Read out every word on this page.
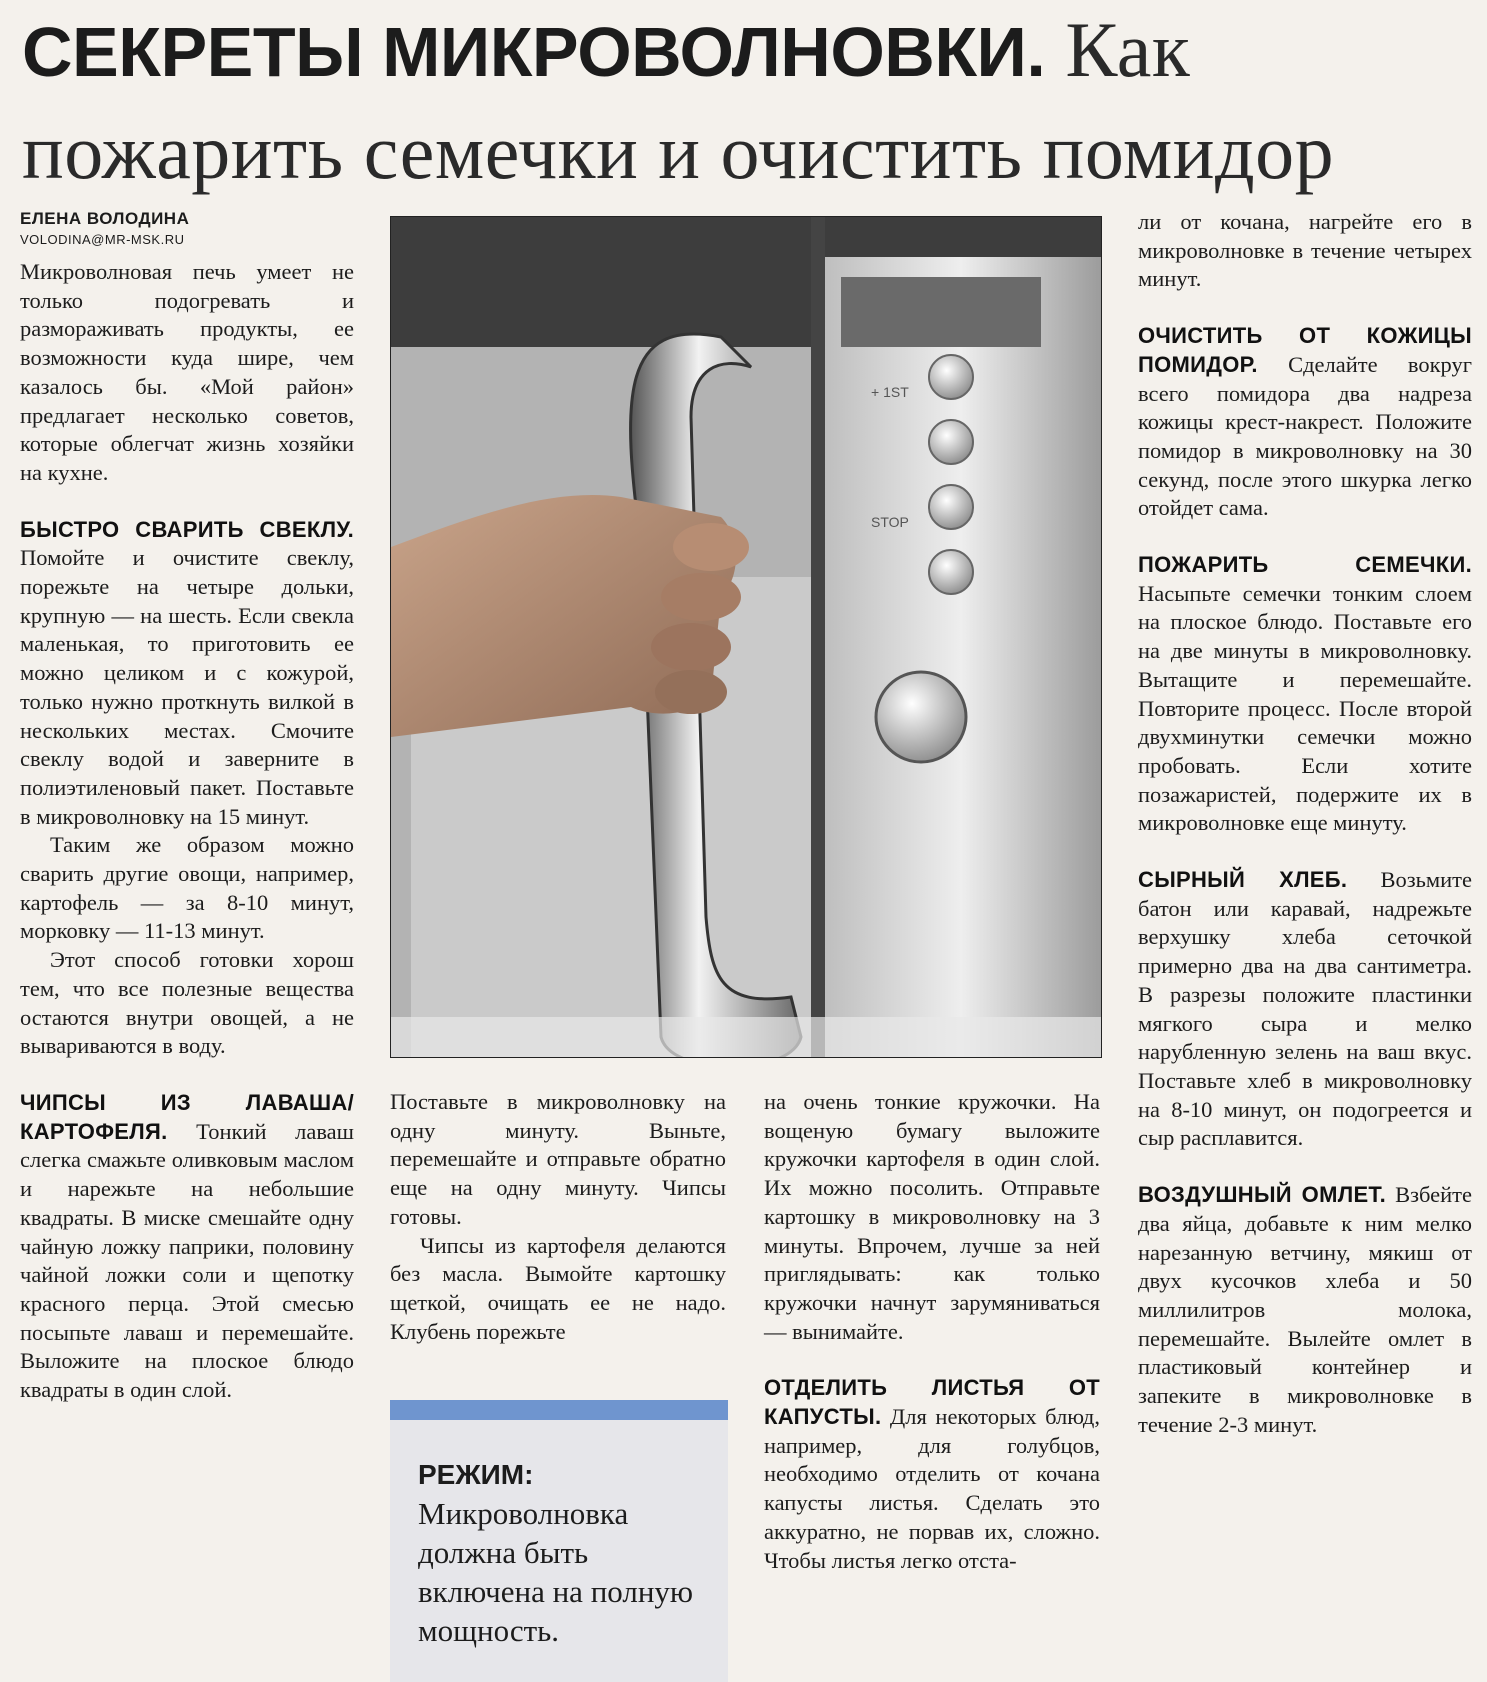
СЕКРЕТЫ МИКРОВОЛНОВКИ. Как
пожарить семечки и очистить помидор
ЕЛЕНА ВОЛОДИНА
VOLODINA@MR-MSK.RU

Микроволновая печь умеет не только подогревать и размораживать продукты, ее возможности куда шире, чем казалось бы. «Мой район» предлагает несколько советов, которые облегчат жизнь хозяйки на кухне.

БЫСТРО СВАРИТЬ СВЕКЛУ. Помойте и очистите свеклу, порежьте на четыре дольки, крупную — на шесть. Если свекла маленькая, то приготовить ее можно целиком и с кожурой, только нужно проткнуть вилкой в нескольких местах. Смочите свеклу водой и заверните в полиэтиленовый пакет. Поставьте в микроволновку на 15 минут.

Таким же образом можно сварить другие овощи, например, картофель — за 8-10 минут, морковку — 11-13 минут.

Этот способ готовки хорош тем, что все полезные вещества остаются внутри овощей, а не вывариваются в воду.

ЧИПСЫ ИЗ ЛАВАША/КАРТОФЕЛЯ. Тонкий лаваш слегка смажьте оливковым маслом и нарежьте на небольшие квадраты. В миске смешайте одну чайную ложку паприки, половину чайной ложки соли и щепотку красного перца. Этой смесью посыпьте лаваш и перемешайте. Выложите на плоское блюдо квадраты в один слой.

+ 1ST
STOP

Поставьте в микроволновку на одну минуту. Выньте, перемешайте и отправьте обратно еще на одну минуту. Чипсы готовы.

Чипсы из картофеля делаются без масла. Вымойте картошку щеткой, очищать ее не надо. Клубень порежьте

РЕЖИМ: Микроволновка должна быть включена на полную мощность.

на очень тонкие кружочки. На вощеную бумагу выложите кружочки картофеля в один слой. Их можно посолить. Отправьте картошку в микроволновку на 3 минуты. Впрочем, лучше за ней приглядывать: как только кружочки начнут зарумяниваться — вынимайте.

ОТДЕЛИТЬ ЛИСТЬЯ ОТ КАПУСТЫ. Для некоторых блюд, например, для голубцов, необходимо отделить от кочана капусты листья. Сделать это аккуратно, не порвав их, сложно. Чтобы листья легко отста-

ли от кочана, нагрейте его в микроволновке в течение четырех минут.

ОЧИСТИТЬ ОТ КОЖИЦЫ ПОМИДОР. Сделайте вокруг всего помидора два надреза кожицы крест-накрест. Положите помидор в микроволновку на 30 секунд, после этого шкурка легко отойдет сама.

ПОЖАРИТЬ СЕМЕЧКИ. Насыпьте семечки тонким слоем на плоское блюдо. Поставьте его на две минуты в микроволновку. Вытащите и перемешайте. Повторите процесс. После второй двухминутки семечки можно пробовать. Если хотите позажаристей, подержите их в микроволновке еще минуту.

СЫРНЫЙ ХЛЕБ. Возьмите батон или каравай, надрежьте верхушку хлеба сеточкой примерно два на два сантиметра. В разрезы положите пластинки мягкого сыра и мелко нарубленную зелень на ваш вкус. Поставьте хлеб в микроволновку на 8-10 минут, он подогреется и сыр расплавится.

ВОЗДУШНЫЙ ОМЛЕТ. Взбейте два яйца, добавьте к ним мелко нарезанную ветчину, мякиш от двух кусочков хлеба и 50 миллилитров молока, перемешайте. Вылейте омлет в пластиковый контейнер и запеките в микроволновке в течение 2-3 минут.
